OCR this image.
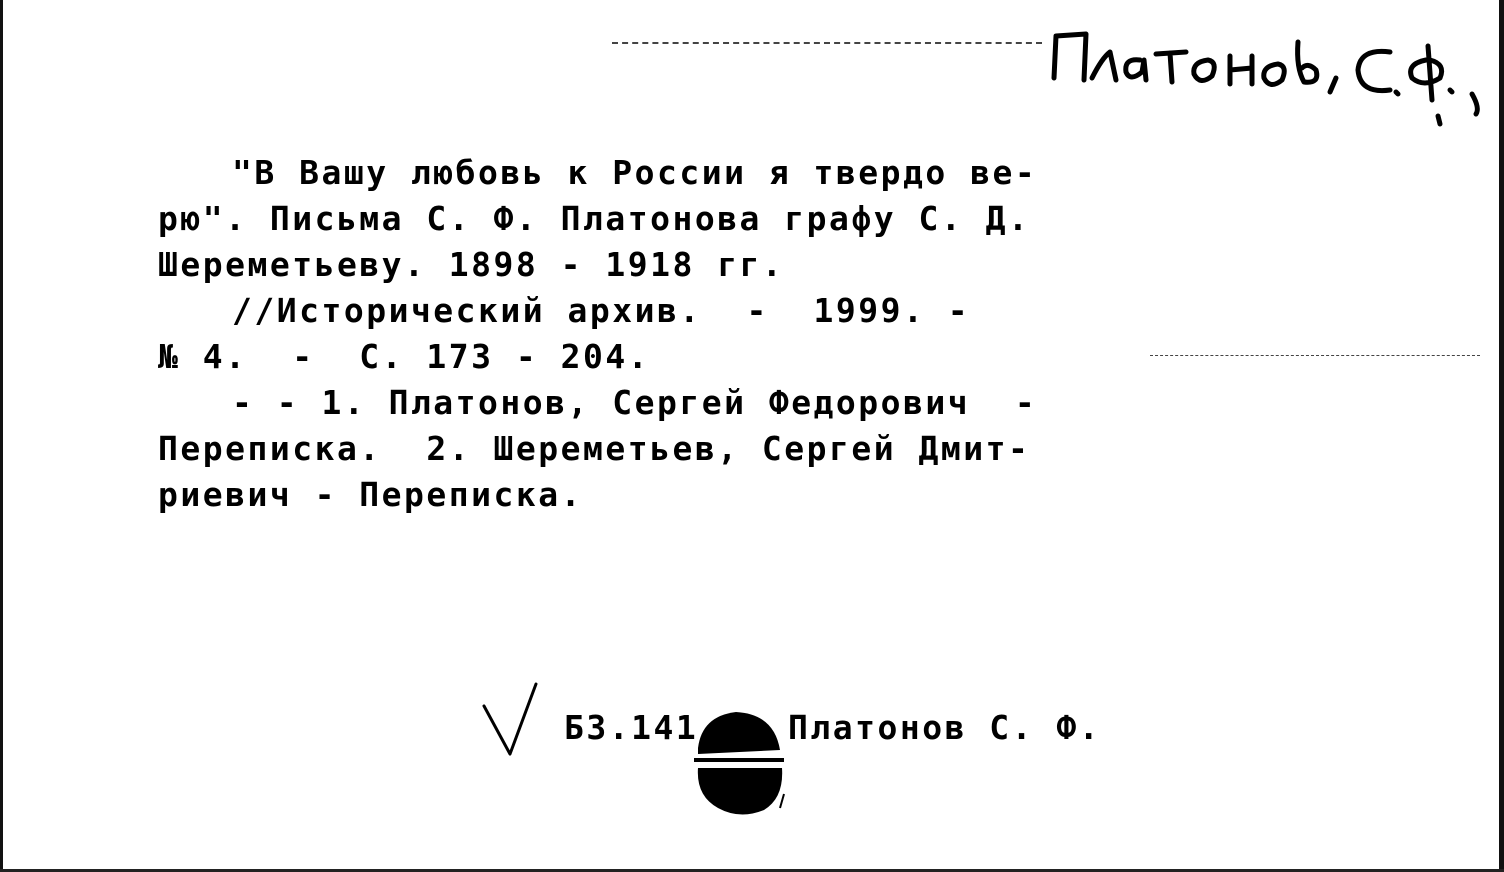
"В Вашу любовь к России я твердо ве-
рю". Письма С. Ф. Платонова графу С. Д.
Шереметьеву. 1898 - 1918 гг.
//Исторический архив.  -  1999. -
№ 4.  -  С. 173 - 204.
- - 1. Платонов, Сергей Федорович  -
Переписка.  2. Шереметьев, Сергей Дмит-
риевич - Переписка.
Б3.141	Платонов С. Ф.
